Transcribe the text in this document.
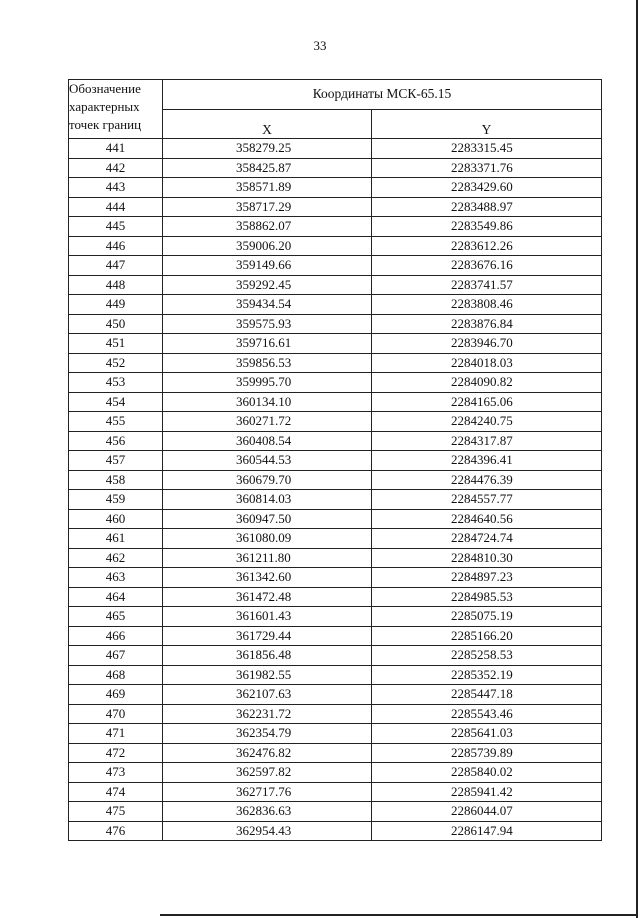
33
Обозначение
характерных
точек границ	Координаты МСК-65.15	
	X	Y
441	358279.25	2283315.45
442	358425.87	2283371.76
443	358571.89	2283429.60
444	358717.29	2283488.97
445	358862.07	2283549.86
446	359006.20	2283612.26
447	359149.66	2283676.16
448	359292.45	2283741.57
449	359434.54	2283808.46
450	359575.93	2283876.84
451	359716.61	2283946.70
452	359856.53	2284018.03
453	359995.70	2284090.82
454	360134.10	2284165.06
455	360271.72	2284240.75
456	360408.54	2284317.87
457	360544.53	2284396.41
458	360679.70	2284476.39
459	360814.03	2284557.77
460	360947.50	2284640.56
461	361080.09	2284724.74
462	361211.80	2284810.30
463	361342.60	2284897.23
464	361472.48	2284985.53
465	361601.43	2285075.19
466	361729.44	2285166.20
467	361856.48	2285258.53
468	361982.55	2285352.19
469	362107.63	2285447.18
470	362231.72	2285543.46
471	362354.79	2285641.03
472	362476.82	2285739.89
473	362597.82	2285840.02
474	362717.76	2285941.42
475	362836.63	2286044.07
476	362954.43	2286147.94
